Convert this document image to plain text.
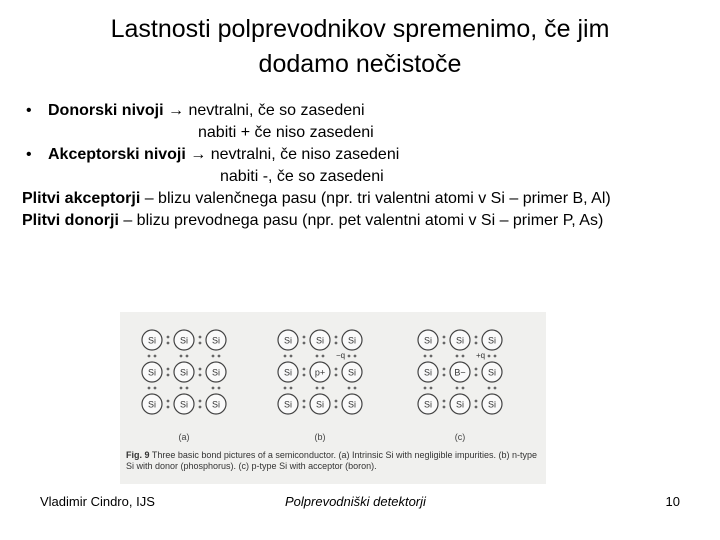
Lastnosti polprevodnikov spremenimo, če jim
dodamo nečistoče
• Donorski nivoji → nevtralni, če so zasedeni
nabiti + če niso zasedeni
• Akceptorski nivoji → nevtralni, če niso zasedeni
nabiti -, če so zasedeni
Plitvi akceptorji – blizu valenčnega pasu (npr. tri valentni atomi v Si – primer B, Al)
Plitvi donorji – blizu prevodnega pasu (npr. pet valentni atomi v Si – primer P, As)
Si	Si	Si
Si	Si	Si
Si	Si	Si
(a)
Si	Si	Si
Si	p+	Si
Si	Si	Si
−q
(b)
Si	Si	Si
Si B− Si
Si	Si	Si
+q
(c)
Fig. 9 Three basic bond pictures of a semiconductor. (a) Intrinsic Si with negligible impurities. (b) n-type Si with donor (phosphorus). (c) p-type Si with acceptor (boron).
Vladimir Cindro, IJS	Polprevodniški detektorji	10
